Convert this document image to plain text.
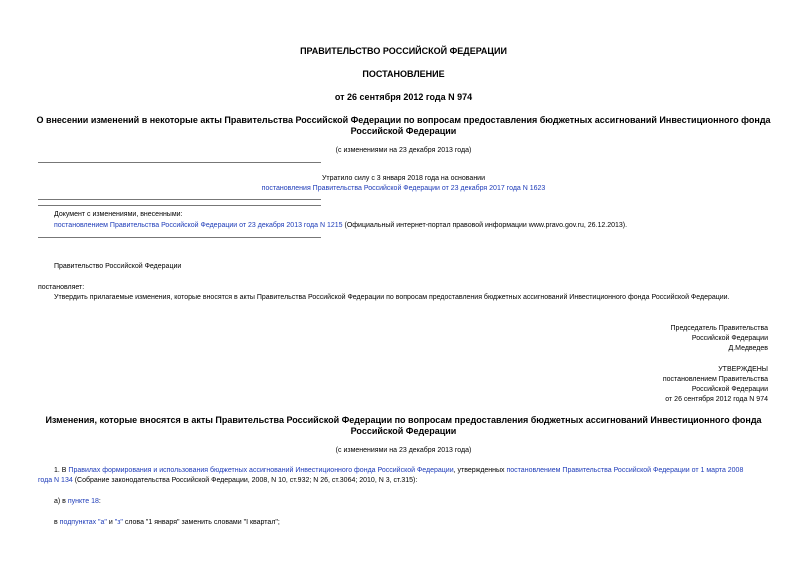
ПРАВИТЕЛЬСТВО РОССИЙСКОЙ ФЕДЕРАЦИИ
ПОСТАНОВЛЕНИЕ
от 26 сентября 2012 года N 974
О внесении изменений в некоторые акты Правительства Российской Федерации по вопросам предоставления бюджетных ассигнований Инвестиционного фонда
Российской Федерации
(с изменениями на 23 декабря 2013 года)
Утратило силу с 3 января 2018 года на основании
постановления Правительства Российской Федерации от 23 декабря 2017 года N 1623
Документ с изменениями, внесенными:
постановлением Правительства Российской Федерации от 23 декабря 2013 года N 1215 (Официальный интернет-портал правовой информации www.pravo.gov.ru, 26.12.2013).
Правительство Российской Федерации
постановляет:
Утвердить прилагаемые изменения, которые вносятся в акты Правительства Российской Федерации по вопросам предоставления бюджетных ассигнований Инвестиционного фонда Российской Федерации.
Председатель Правительства
Российской Федерации
Д.Медведев
УТВЕРЖДЕНЫ
постановлением Правительства
Российской Федерации
от 26 сентября 2012 года N 974
Изменения, которые вносятся в акты Правительства Российской Федерации по вопросам предоставления бюджетных ассигнований Инвестиционного фонда
Российской Федерации
(с изменениями на 23 декабря 2013 года)
1. В Правилах формирования и использования бюджетных ассигнований Инвестиционного фонда Российской Федерации, утвержденных постановлением Правительства Российской Федерации от 1 марта 2008
года N 134 (Собрание законодательства Российской Федерации, 2008, N 10, ст.932; N 26, ст.3064; 2010, N 3, ст.315):
а) в пункте 18:
в подпунктах "а" и "з" слова "1 января" заменить словами "I квартал";
